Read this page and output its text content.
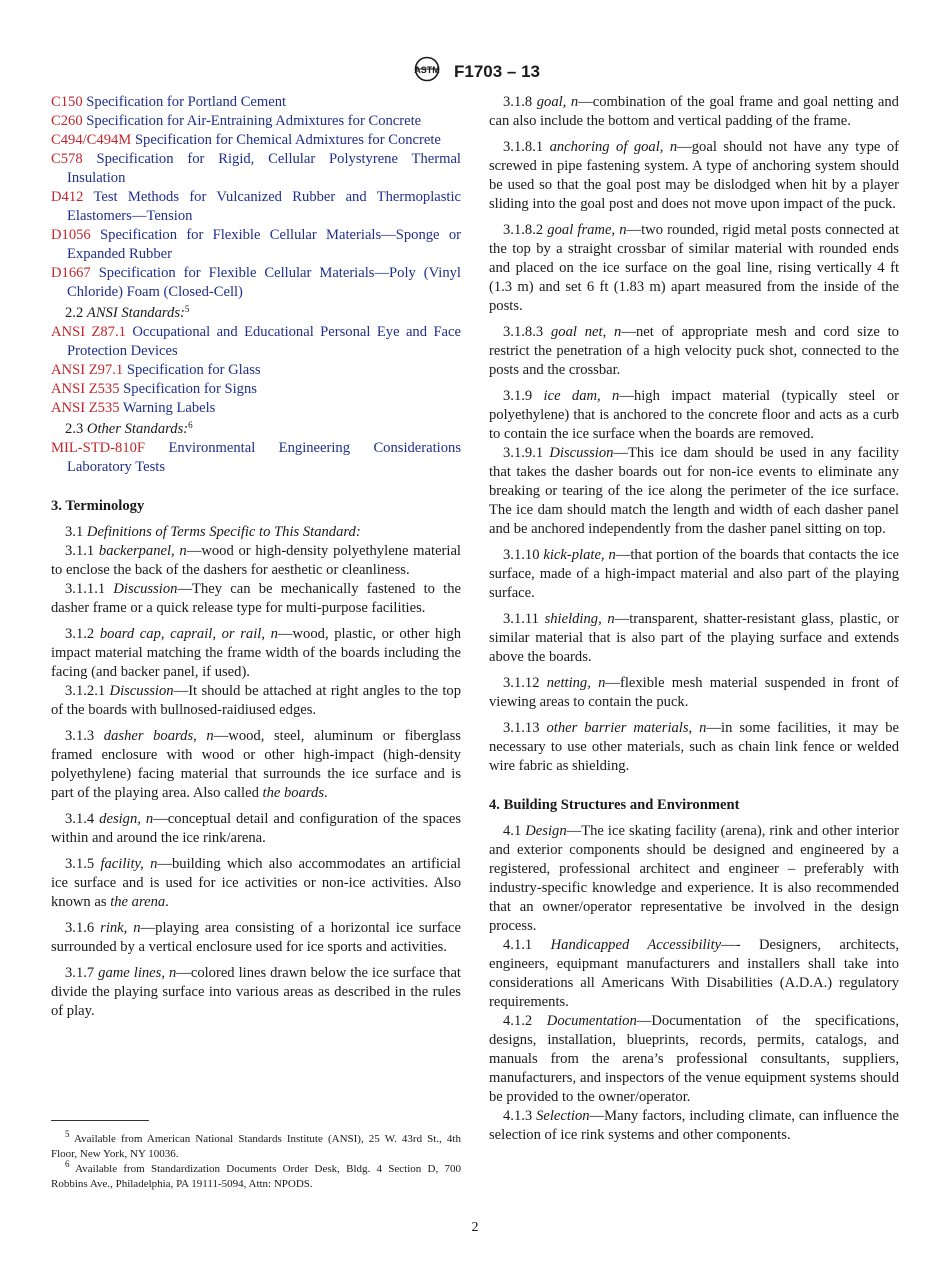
ASTM F1703 – 13

C150 Specification for Portland Cement

C260 Specification for Air-Entraining Admixtures for Concrete

C494/C494M Specification for Chemical Admixtures for Concrete

C578 Specification for Rigid, Cellular Polystyrene Thermal Insulation

D412 Test Methods for Vulcanized Rubber and Thermoplastic Elastomers—Tension

D1056 Specification for Flexible Cellular Materials—Sponge or Expanded Rubber

D1667 Specification for Flexible Cellular Materials—Poly (Vinyl Chloride) Foam (Closed-Cell)

2.2 ANSI Standards:$^5$

ANSI Z87.1 Occupational and Educational Personal Eye and Face Protection Devices

ANSI Z97.1 Specification for Glass

ANSI Z535 Specification for Signs

ANSI Z535 Warning Labels

2.3 Other Standards:$^6$

MIL-STD-810F Environmental Engineering Considerations Laboratory Tests

3. Terminology

3.1 Definitions of Terms Specific to This Standard:

3.1.1 backerpanel, n—wood or high-density polyethylene material to enclose the back of the dashers for aesthetic or cleanliness.

3.1.1.1 Discussion—They can be mechanically fastened to the dasher frame or a quick release type for multi-purpose facilities.

3.1.2 board cap, caprail, or rail, n—wood, plastic, or other high impact material matching the frame width of the boards including the facing (and backer panel, if used).

3.1.2.1 Discussion—It should be attached at right angles to the top of the boards with bullnosed-raidiused edges.

3.1.3 dasher boards, n—wood, steel, aluminum or fiberglass framed enclosure with wood or other high-impact (high-density polyethylene) facing material that surrounds the ice surface and is part of the playing area. Also called the boards.

3.1.4 design, n—conceptual detail and configuration of the spaces within and around the ice rink/arena.

3.1.5 facility, n—building which also accommodates an artificial ice surface and is used for ice activities or non-ice activities. Also known as the arena.

3.1.6 rink, n—playing area consisting of a horizontal ice surface surrounded by a vertical enclosure used for ice sports and activities.

3.1.7 game lines, n—colored lines drawn below the ice surface that divide the playing surface into various areas as described in the rules of play.

$^5$ Available from American National Standards Institute (ANSI), 25 W. 43rd St., 4th Floor, New York, NY 10036.

$^6$ Available from Standardization Documents Order Desk, Bldg. 4 Section D, 700 Robbins Ave., Philadelphia, PA 19111-5094, Attn: NPODS.

3.1.8 goal, n—combination of the goal frame and goal netting and can also include the bottom and vertical padding of the frame.

3.1.8.1 anchoring of goal, n—goal should not have any type of screwed in pipe fastening system. A type of anchoring system should be used so that the goal post may be dislodged when hit by a player sliding into the goal post and does not move upon impact of the puck.

3.1.8.2 goal frame, n—two rounded, rigid metal posts connected at the top by a straight crossbar of similar material with rounded ends and placed on the ice surface on the goal line, rising vertically 4 ft (1.3 m) and set 6 ft (1.83 m) apart measured from the inside of the posts.

3.1.8.3 goal net, n—net of appropriate mesh and cord size to restrict the penetration of a high velocity puck shot, connected to the posts and the crossbar.

3.1.9 ice dam, n—high impact material (typically steel or polyethylene) that is anchored to the concrete floor and acts as a curb to contain the ice surface when the boards are removed.

3.1.9.1 Discussion—This ice dam should be used in any facility that takes the dasher boards out for non-ice events to eliminate any breaking or tearing of the ice along the perimeter of the ice surface. The ice dam should match the length and width of each dasher panel and be anchored independently from the dasher panel sitting on top.

3.1.10 kick-plate, n—that portion of the boards that contacts the ice surface, made of a high-impact material and also part of the playing surface.

3.1.11 shielding, n—transparent, shatter-resistant glass, plastic, or similar material that is also part of the playing surface and extends above the boards.

3.1.12 netting, n—flexible mesh material suspended in front of viewing areas to contain the puck.

3.1.13 other barrier materials, n—in some facilities, it may be necessary to use other materials, such as chain link fence or welded wire fabric as shielding.

4. Building Structures and Environment

4.1 Design—The ice skating facility (arena), rink and other interior and exterior components should be designed and engineered by a registered, professional architect and engineer – preferably with industry-specific knowledge and experience. It is also recommended that an owner/operator representative be involved in the design process.

4.1.1 Handicapped Accessibility—- Designers, architects, engineers, equipmant manufacturers and installers shall take into considerations all Americans With Disabilities (A.D.A.) regulatory requirements.

4.1.2 Documentation—Documentation of the specifications, designs, installation, blueprints, records, permits, catalogs, and manuals from the arena’s professional consultants, suppliers, manufacturers, and inspectors of the venue equipment systems should be provided to the owner/operator.

4.1.3 Selection—Many factors, including climate, can influence the selection of ice rink systems and other components.

2
